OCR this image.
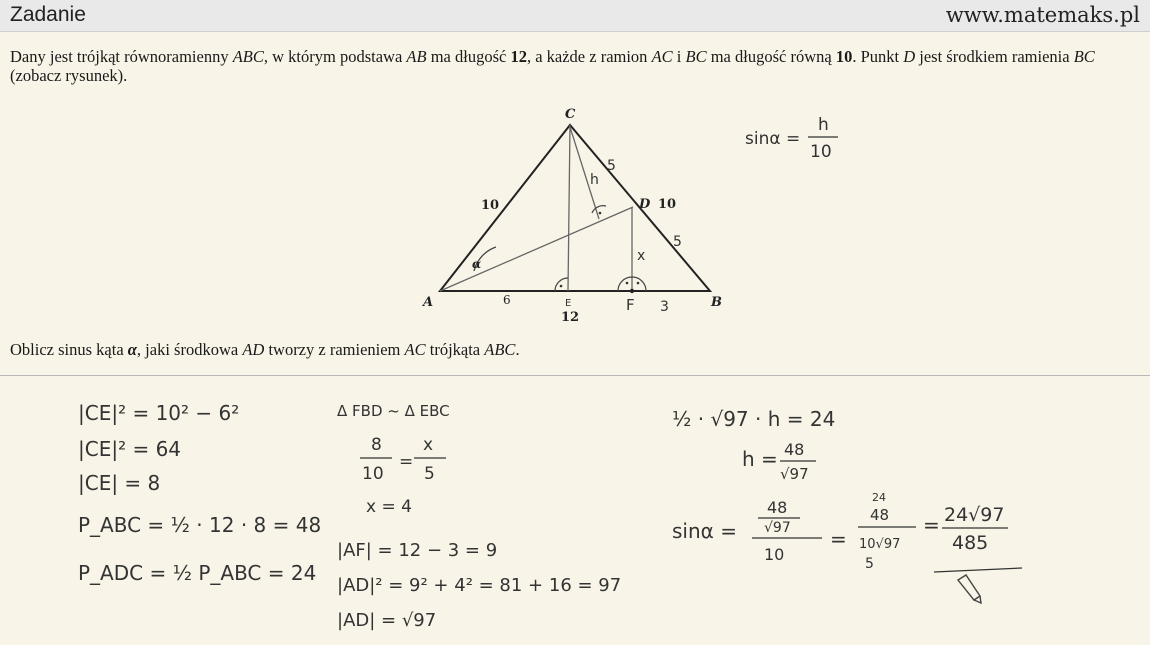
Zadanie	www.matemaks.pl
Dany jest trójkąt równoramienny ABC, w którym podstawa AB ma długość 12, a każde z ramion AC i BC ma długość równą 10. Punkt D jest środkiem ramienia BC (zobacz rysunek).
Oblicz sinus kąta α, jaki środkowa AD tworzy z ramieniem AC trójkąta ABC.
C
A	B
D
α
10	10
12
6	E	F 3
5
5
h
x
sinα =
h
10
|CE|² = 10² − 6²
|CE|² = 64
|CE| = 8
P_ABC = ½ · 12 · 8 = 48
P_ADC = ½ P_ABC = 24
Δ FBD ~ Δ EBC
8
10
=
x
5
x = 4
|AF| = 12 − 3 = 9
|AD|² = 9² + 4² = 81 + 16 = 97
|AD| = √97
½ · √97 · h = 24
h = 48
√97
sinα =
48
√97
10
=
24
48
10√97
5
= 24√97
485
